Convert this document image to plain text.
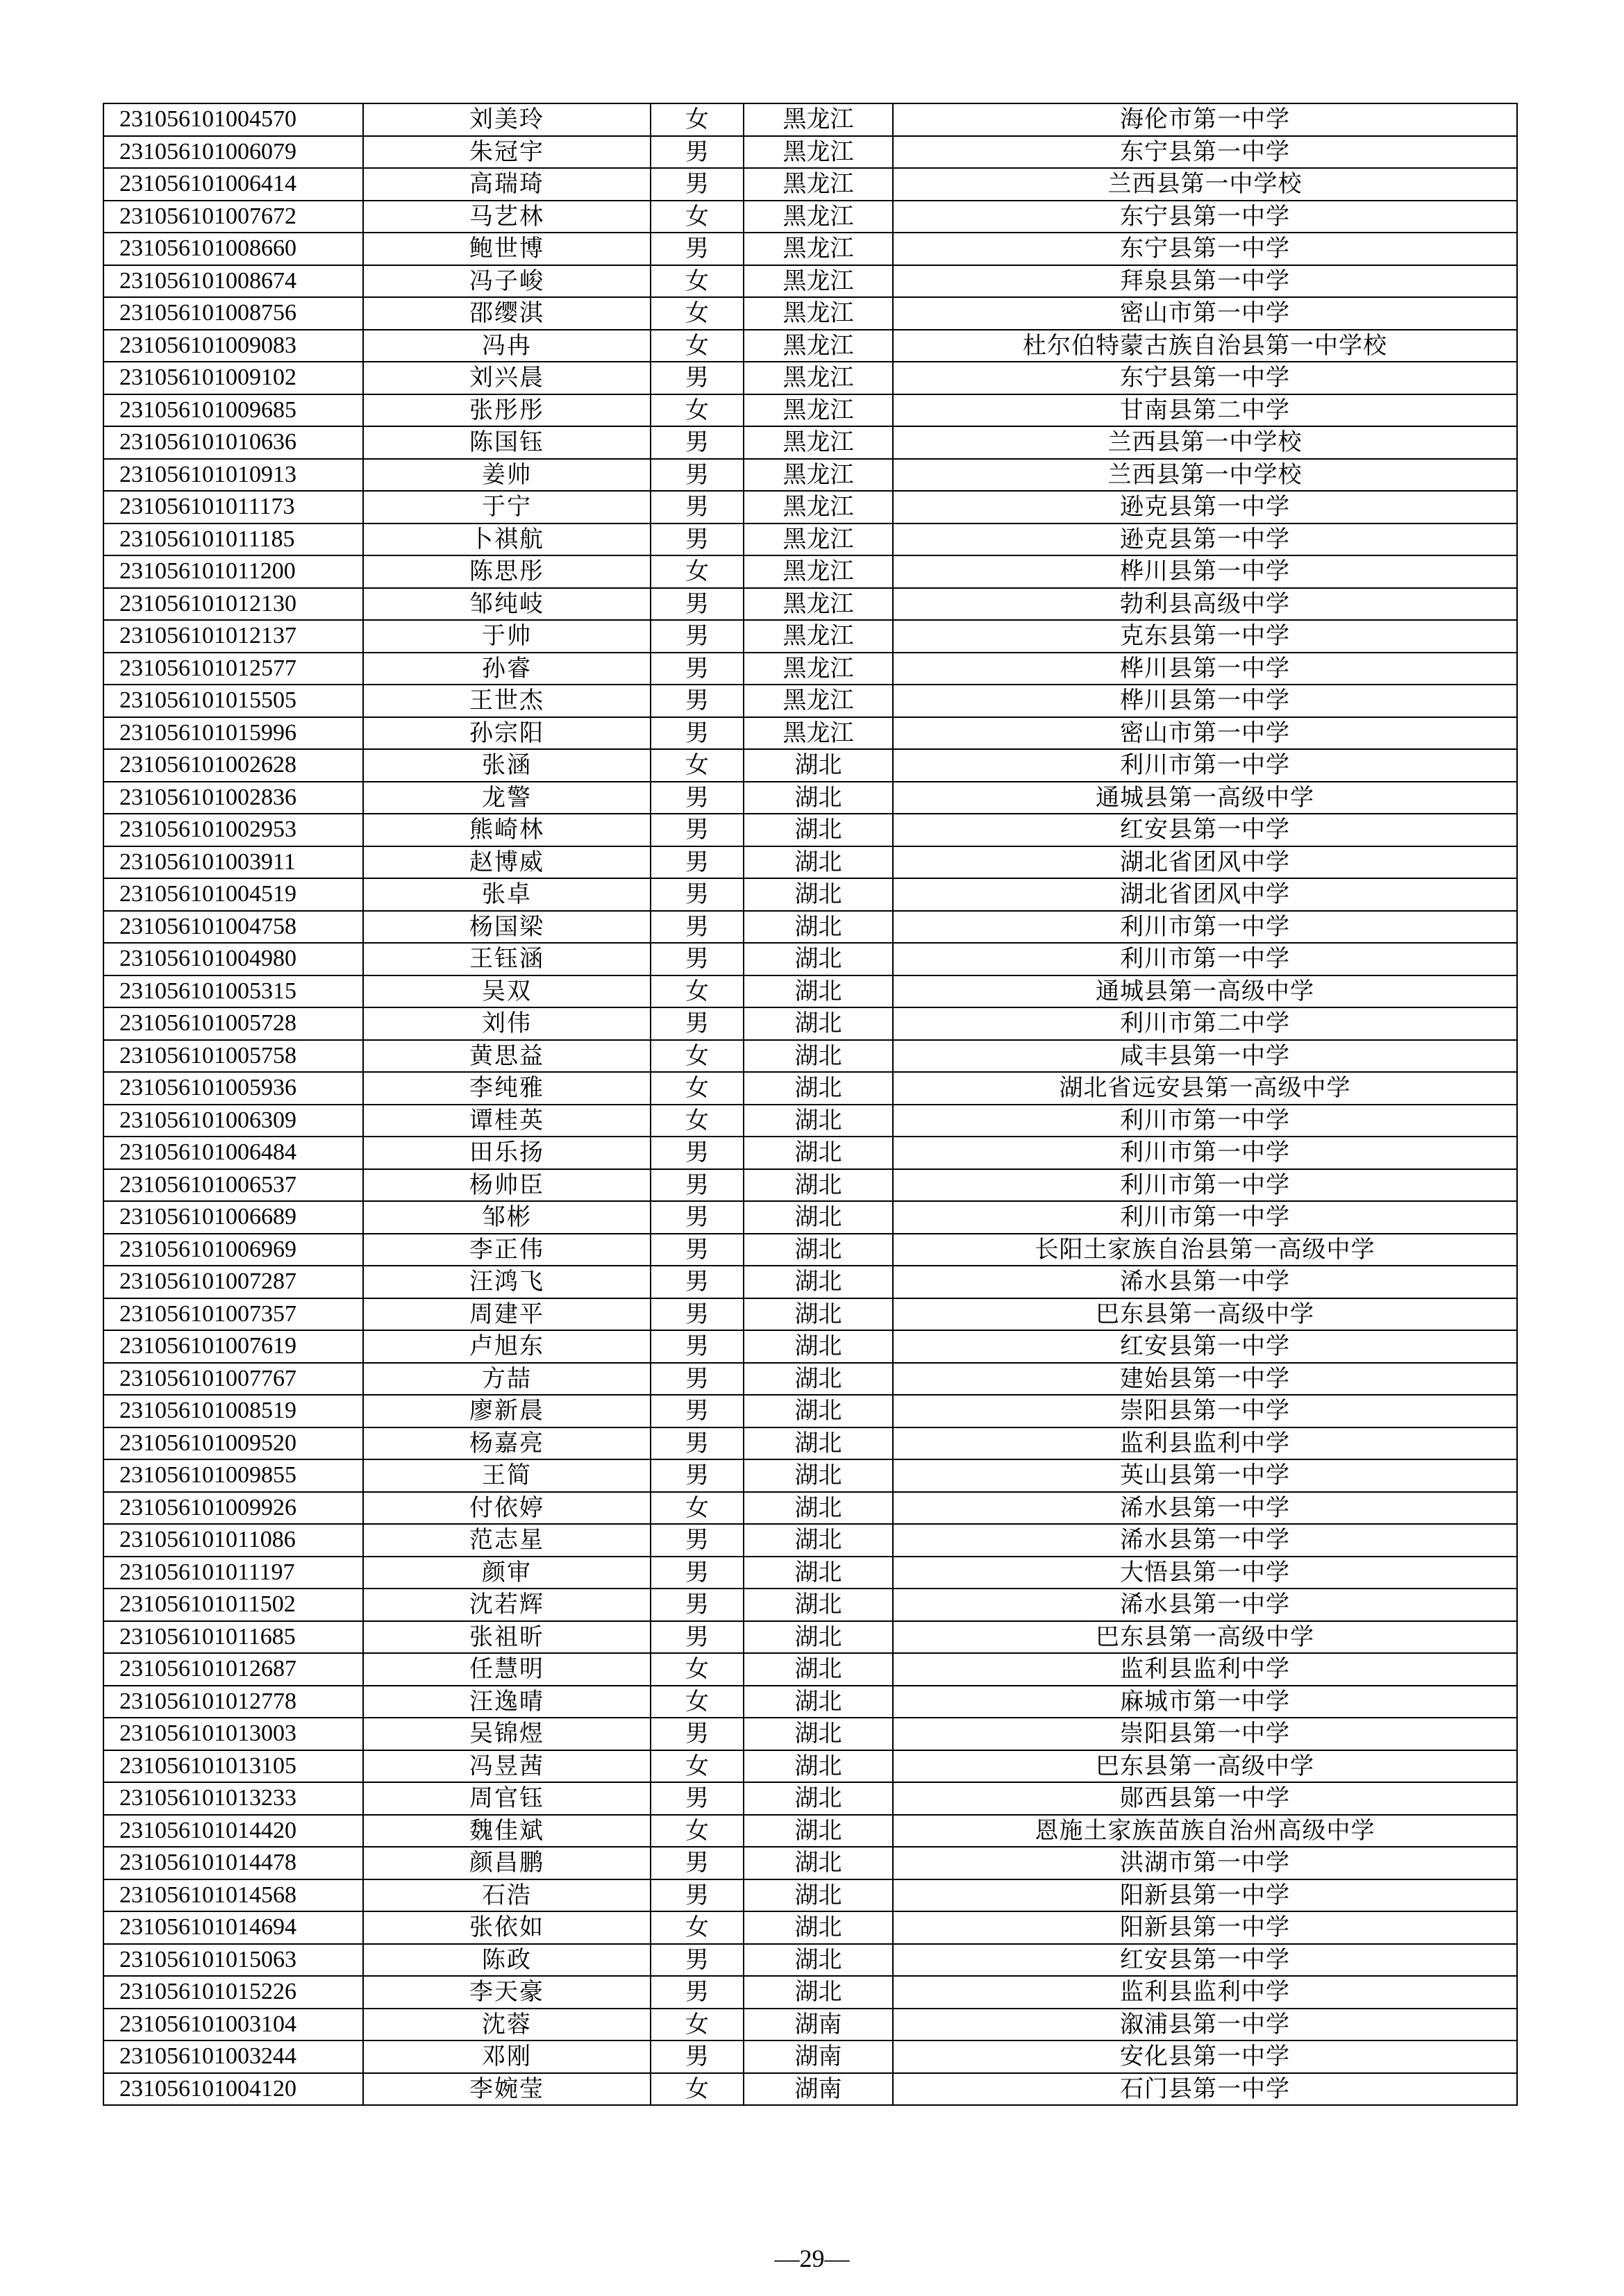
231056101004570	刘美玲	女	黑龙江	海伦市第一中学
231056101006079	朱冠宇	男	黑龙江	东宁县第一中学
231056101006414	高瑞琦	男	黑龙江	兰西县第一中学校
231056101007672	马艺林	女	黑龙江	东宁县第一中学
231056101008660	鲍世博	男	黑龙江	东宁县第一中学
231056101008674	冯子峻	女	黑龙江	拜泉县第一中学
231056101008756	邵缨淇	女	黑龙江	密山市第一中学
231056101009083	冯冉	女	黑龙江	杜尔伯特蒙古族自治县第一中学校
231056101009102	刘兴晨	男	黑龙江	东宁县第一中学
231056101009685	张彤彤	女	黑龙江	甘南县第二中学
231056101010636	陈国钰	男	黑龙江	兰西县第一中学校
231056101010913	姜帅	男	黑龙江	兰西县第一中学校
231056101011173	于宁	男	黑龙江	逊克县第一中学
231056101011185	卜祺航	男	黑龙江	逊克县第一中学
231056101011200	陈思彤	女	黑龙江	桦川县第一中学
231056101012130	邹纯岐	男	黑龙江	勃利县高级中学
231056101012137	于帅	男	黑龙江	克东县第一中学
231056101012577	孙睿	男	黑龙江	桦川县第一中学
231056101015505	王世杰	男	黑龙江	桦川县第一中学
231056101015996	孙宗阳	男	黑龙江	密山市第一中学
231056101002628	张涵	女	湖北	利川市第一中学
231056101002836	龙警	男	湖北	通城县第一高级中学
231056101002953	熊崎林	男	湖北	红安县第一中学
231056101003911	赵博威	男	湖北	湖北省团风中学
231056101004519	张卓	男	湖北	湖北省团风中学
231056101004758	杨国梁	男	湖北	利川市第一中学
231056101004980	王钰涵	男	湖北	利川市第一中学
231056101005315	吴双	女	湖北	通城县第一高级中学
231056101005728	刘伟	男	湖北	利川市第二中学
231056101005758	黄思益	女	湖北	咸丰县第一中学
231056101005936	李纯雅	女	湖北	湖北省远安县第一高级中学
231056101006309	谭桂英	女	湖北	利川市第一中学
231056101006484	田乐扬	男	湖北	利川市第一中学
231056101006537	杨帅臣	男	湖北	利川市第一中学
231056101006689	邹彬	男	湖北	利川市第一中学
231056101006969	李正伟	男	湖北	长阳土家族自治县第一高级中学
231056101007287	汪鸿飞	男	湖北	浠水县第一中学
231056101007357	周建平	男	湖北	巴东县第一高级中学
231056101007619	卢旭东	男	湖北	红安县第一中学
231056101007767	方喆	男	湖北	建始县第一中学
231056101008519	廖新晨	男	湖北	崇阳县第一中学
231056101009520	杨嘉亮	男	湖北	监利县监利中学
231056101009855	王简	男	湖北	英山县第一中学
231056101009926	付依婷	女	湖北	浠水县第一中学
231056101011086	范志星	男	湖北	浠水县第一中学
231056101011197	颜审	男	湖北	大悟县第一中学
231056101011502	沈若辉	男	湖北	浠水县第一中学
231056101011685	张祖昕	男	湖北	巴东县第一高级中学
231056101012687	任慧明	女	湖北	监利县监利中学
231056101012778	汪逸晴	女	湖北	麻城市第一中学
231056101013003	吴锦煜	男	湖北	崇阳县第一中学
231056101013105	冯昱茜	女	湖北	巴东县第一高级中学
231056101013233	周官钰	男	湖北	郧西县第一中学
231056101014420	魏佳斌	女	湖北	恩施土家族苗族自治州高级中学
231056101014478	颜昌鹏	男	湖北	洪湖市第一中学
231056101014568	石浩	男	湖北	阳新县第一中学
231056101014694	张依如	女	湖北	阳新县第一中学
231056101015063	陈政	男	湖北	红安县第一中学
231056101015226	李天豪	男	湖北	监利县监利中学
231056101003104	沈蓉	女	湖南	溆浦县第一中学
231056101003244	邓刚	男	湖南	安化县第一中学
231056101004120	李婉莹	女	湖南	石门县第一中学
—29—
